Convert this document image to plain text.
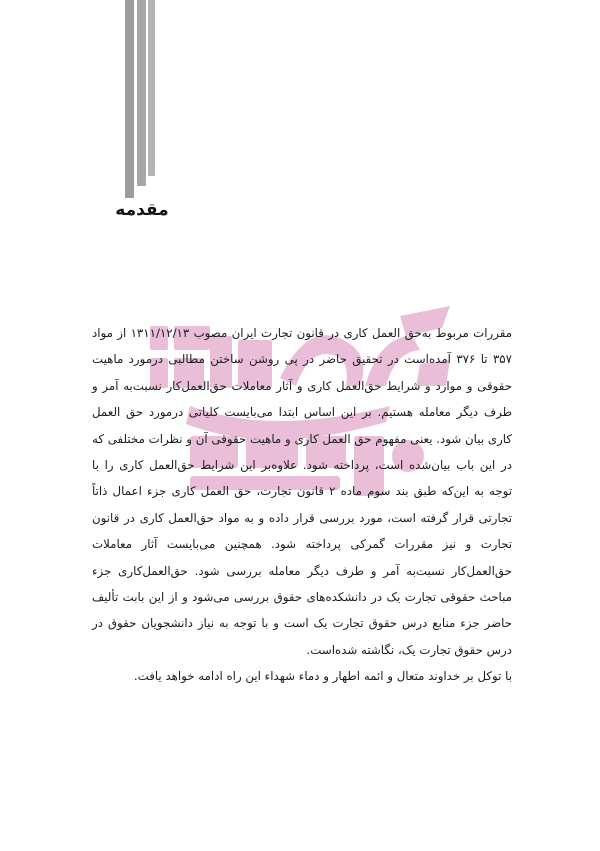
مقدمه

مقررات مربوط به‌حق العمل کاری در قانون تجارت ایران مصوب ۱۳۱۱/۱۲/۱۳ از مواد ۳۵۷ تا ۳۷۶ آمده‌است در تحقیق حاضر در پی روشن ساختن مطالبی درمورد ماهیت حقوقی و موارد و شرایط حق‌العمل کاری و آثار معاملات حق‌العمل‌کار نسبت‌به آمر و طرف دیگر معامله هستیم. بر این اساس ابتدا می‌بایست کلیاتی درمورد حق العمل کاری بیان شود. یعنی مفهوم حق العمل کاری و ماهیت حقوقی آن و نظرات مختلفی که در این باب بیان‌شده است، پرداخته شود. علاوه‌بر این شرایط حق‌العمل کاری را با توجه به این‌که طبق بند سوم ماده ۲ قانون تجارت، حق العمل کاری جزء اعمال ذاتاً تجارتی قرار گرفته است، مورد بررسی قرار داده و به مواد حق‌العمل کاری در قانون تجارت و نیز مقررات گمرکی پرداخته شود. همچنین می‌بایست آثار معاملات حق‌العمل‌کار نسبت‌به آمر و طرف دیگر معامله بررسی شود. حق‌العمل‌کاری جزء مباحث حقوقی تجارت یک در دانشکده‌های حقوق بررسی می‌شود و از این بابت تألیف حاضر جزء منابع درس حقوق تجارت یک است و با توجه به نیاز دانشجویان حقوق در درس حقوق تجارت یک، نگاشته شده‌است.

با توکل بر خداوند متعال و ائمه اطهار و دماء شهداء این راه ادامه خواهد یافت.
